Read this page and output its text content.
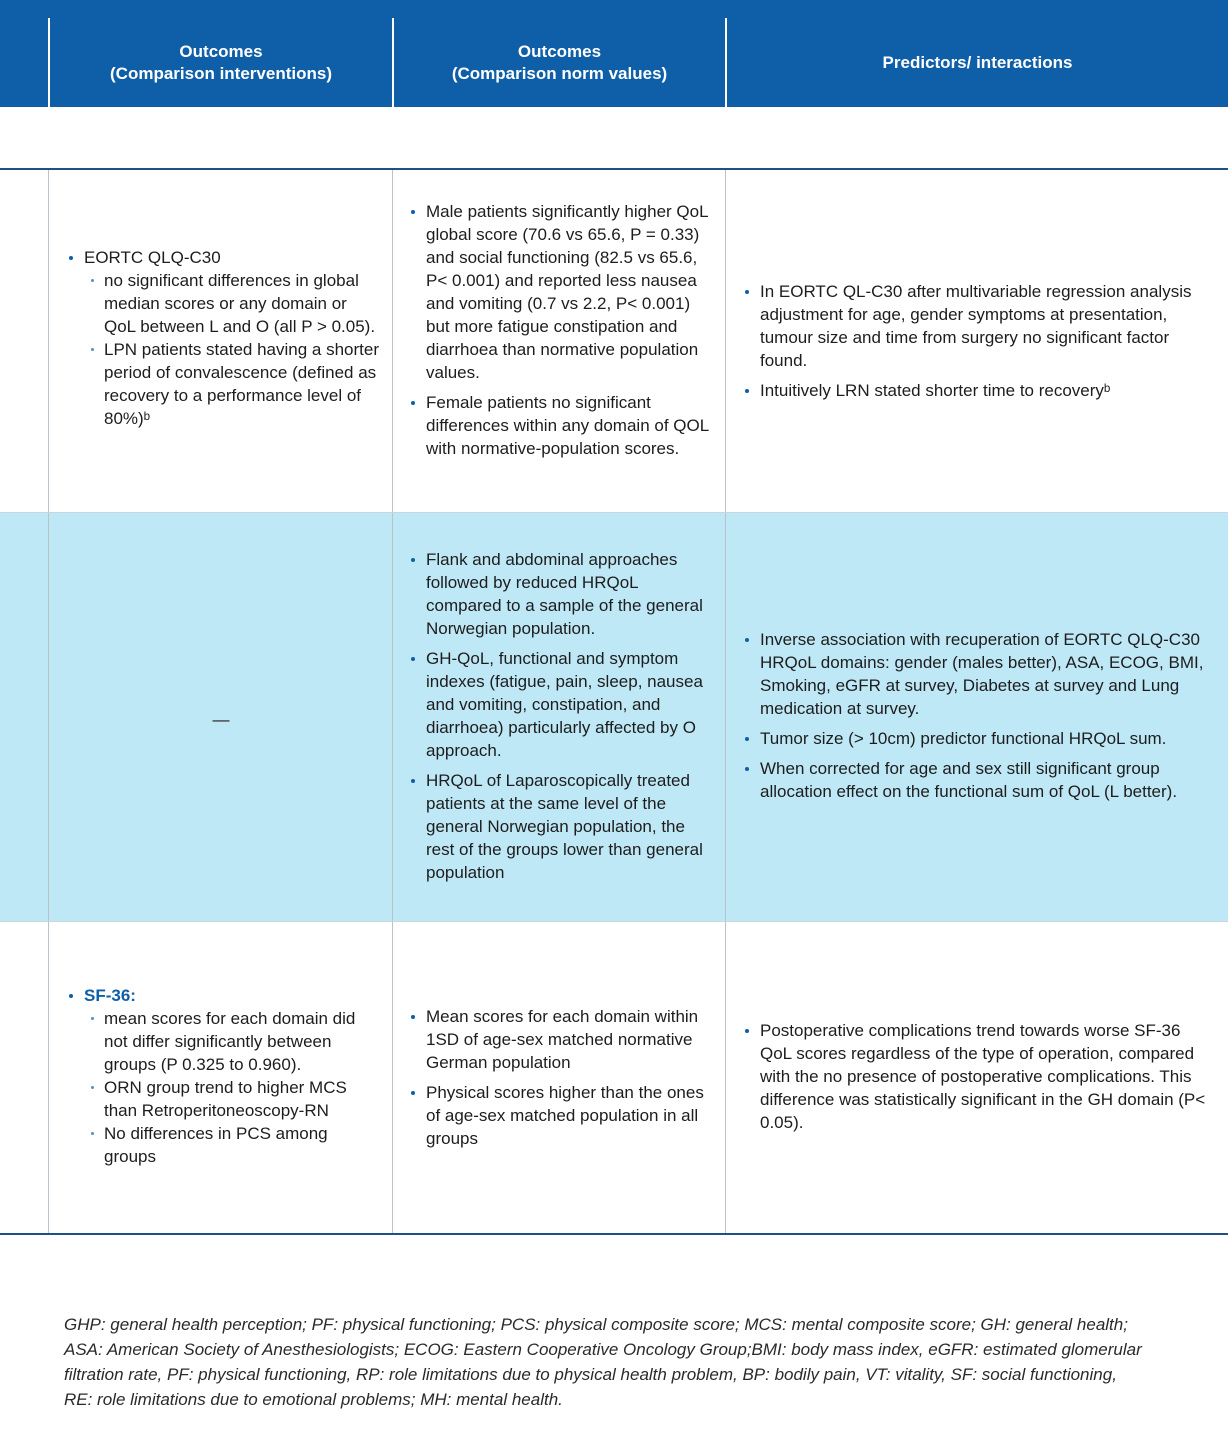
Outcomes
(Comparison interventions)
Outcomes
(Comparison norm values)
Predictors/ interactions
EORTC QLQ-C30
no significant differences in global median scores or any domain or QoL between L and O (all P > 0.05).
LPN patients stated having a shorter period of convalescence (defined as recovery to a performance level of 80%)ᵇ
Male patients significantly higher QoL global score (70.6 vs 65.6, P = 0.33) and social functioning (82.5 vs 65.6, P< 0.001) and reported less nausea and vomiting (0.7 vs 2.2, P< 0.001) but more fatigue constipation and diarrhoea than normative population values.
Female patients no significant differences within any domain of QOL with normative-population scores.
In EORTC QL-C30 after multivariable regression analysis adjustment for age, gender symptoms at presentation, tumour size and time from surgery no significant factor found.
Intuitively LRN stated shorter time to recoveryᵇ
—
Flank and abdominal approaches followed by reduced HRQoL compared to a sample of the general Norwegian population.
GH-QoL, functional and symptom indexes (fatigue, pain, sleep, nausea and vomiting, constipation, and diarrhoea) particularly affected by O approach.
HRQoL of Laparoscopically treated patients at the same level of the general Norwegian population, the rest of the groups lower than general population
Inverse association with recuperation of EORTC QLQ-C30 HRQoL domains: gender (males better), ASA, ECOG, BMI, Smoking, eGFR at survey, Diabetes at survey and Lung medication at survey.
Tumor size (> 10cm) predictor functional HRQoL sum.
When corrected for age and sex still significant group allocation effect on the functional sum of QoL (L better).
SF-36:
mean scores for each domain did not differ significantly between groups (P 0.325 to 0.960).
ORN group trend to higher MCS than Retroperitoneoscopy-RN
No differences in PCS among groups
Mean scores for each domain within 1SD of age-sex matched normative German population
Physical scores higher than the ones of age-sex matched population in all groups
Postoperative complications trend towards worse SF-36 QoL scores regardless of the type of operation, compared with the no presence of postoperative complications. This difference was statistically significant in the GH domain (P< 0.05).
GHP: general health perception; PF: physical functioning; PCS: physical composite score; MCS: mental composite score; GH: general health; ASA: American Society of Anesthesiologists; ECOG: Eastern Cooperative Oncology Group;BMI: body mass index, eGFR: estimated glomerular filtration rate, PF: physical functioning, RP: role limitations due to physical health problem, BP: bodily pain, VT: vitality, SF: social functioning, RE: role limitations due to emotional problems; MH: mental health.
